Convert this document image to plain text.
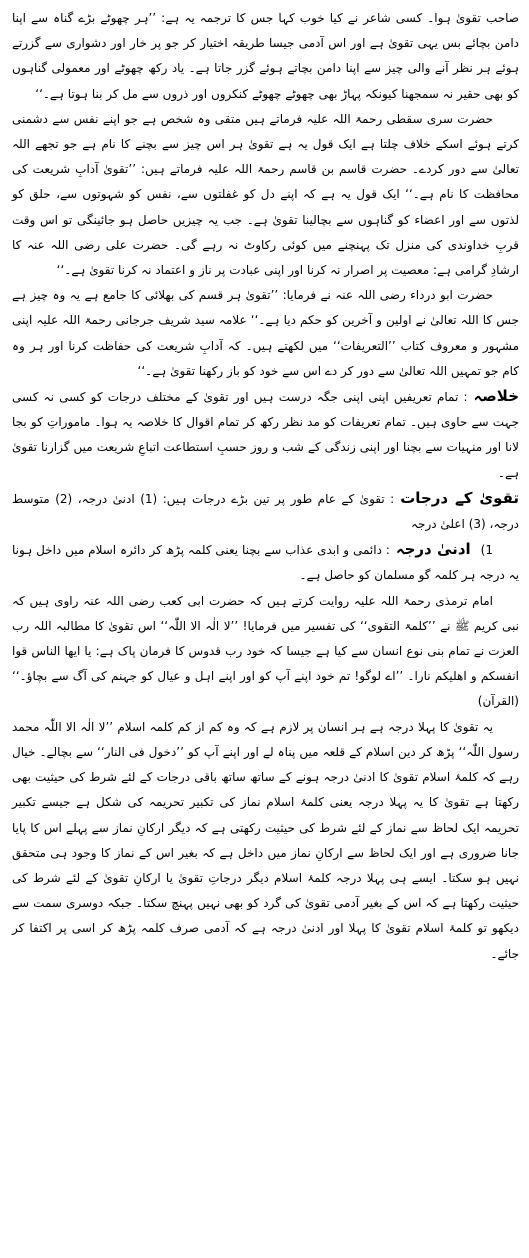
صاحب تقویٰ ہوا۔ کسی شاعر نے کیا خوب کہا جس کا ترجمہ یہ ہے: ’’ہر چھوٹے بڑے گناہ سے اپنا دامن بچائے بس یہی تقویٰ ہے اور اس آدمی جیسا طریقہ اختیار کر جو پر خار اور دشواری سے گزرتے ہوئے ہر نظر آنے والی چیز سے اپنا دامن بچاتے ہوئے گزر جاتا ہے۔ یاد رکھ چھوٹے اور معمولی گناہوں کو بھی حقیر نہ سمجھنا کیونکہ پہاڑ بھی چھوٹے چھوٹے کنکروں اور ذروں سے مل کر بنا ہوتا ہے۔‘‘

حضرت سری سقطی رحمۃ اللہ علیہ فرماتے ہیں متقی وہ شخص ہے جو اپنے نفس سے دشمنی کرتے ہوئے اسکے خلاف چلتا ہے ایک قول یہ ہے تقویٰ ہر اس چیز سے بچنے کا نام ہے جو تجھے اللہ تعالیٰ سے دور کردے۔ حضرت قاسم بن قاسم رحمۃ اللہ علیہ فرماتے ہیں: ’’تقویٰ آدابِ شریعت کی محافظت کا نام ہے۔‘‘ ایک قول یہ ہے کہ اپنے دل کو غفلتوں سے، نفس کو شہوتوں سے، حلق کو لذتوں سے اور اعضاء کو گناہوں سے بچالینا تقویٰ ہے۔ جب یہ چیزیں حاصل ہو جائینگی تو اس وقت قربِ خداوندی کی منزل تک پہنچنے میں کوئی رکاوٹ نہ رہے گی۔ حضرت علی رضی اللہ عنہ کا ارشادِ گرامی ہے: معصیت پر اصرار نہ کرنا اور اپنی عبادت پر ناز و اعتماد نہ کرنا تقویٰ ہے۔‘‘

حضرت ابو درداء رضی اللہ عنہ نے فرمایا: ’’تقویٰ ہر قسم کی بھلائی کا جامع ہے یہ وہ چیز ہے جس کا اللہ تعالیٰ نے اولین و آخرین کو حکم دیا ہے۔‘‘ علامہ سید شریف جرجانی رحمۃ اللہ علیہ اپنی مشہور و معروف کتاب ’’التعریفات‘‘ میں لکھتے ہیں۔ کہ آدابِ شریعت کی حفاظت کرنا اور ہر وہ کام جو تمہیں اللہ تعالیٰ سے دور کر دے اس سے خود کو باز رکھنا تقویٰ ہے۔‘‘

خلاصہ: تمام تعریفیں اپنی اپنی جگہ درست ہیں اور تقویٰ کے مختلف درجات کو کسی نہ کسی جہت سے حاوی ہیں۔ تمام تعریفات کو مد نظر رکھ کر تمام اقوال کا خلاصہ یہ ہوا۔ ماموراتِ کو بجا لانا اور منہیات سے بچنا اور اپنی زندگی کے شب و روز حسبِ استطاعت اتباعِ شریعت میں گزارنا تقویٰ ہے۔

تقویٰ کے درجات: تقویٰ کے عام طور پر تین بڑے درجات ہیں: (1) ادنیٰ درجہ، (2) متوسط درجہ، (3) اعلیٰ درجہ

1)ادنیٰ درجہ: دائمی و ابدی عذاب سے بچنا یعنی کلمہ پڑھ کر دائرہ اسلام میں داخل ہونا یہ درجہ ہر کلمہ گو مسلمان کو حاصل ہے۔

امام ترمذی رحمۃ اللہ علیہ روایت کرتے ہیں کہ حضرت ابی کعب رضی اللہ عنہ راوی ہیں کہ نبی کریم ﷺ نے ’’کلمۃ التقوی‘‘ کی تفسیر میں فرمایا! ’’لا الٰہ الا اللّٰہ‘‘ اس تقویٰ کا مطالبہ اللہ رب العزت نے تمام بنی نوع انسان سے کیا ہے جیسا کہ خود رب قدوس کا فرمان پاک ہے: یا ایھا الناس قوا انفسکم و اھلیکم نارا۔ ’’اے لوگو! تم خود اپنے آپ کو اور اپنے اہل و عیال کو جہنم کی آگ سے بچاؤ۔‘‘ (القرآن)

یہ تقویٰ کا پہلا درجہ ہے ہر انسان پر لازم ہے کہ وہ کم از کم کلمہ اسلام ’’لا الٰہ الا اللّٰہ محمد رسول اللّٰہ‘‘ پڑھ کر دین اسلام کے قلعہ میں پناہ لے اور اپنے آپ کو ’’دخول فی النار‘‘ سے بچالے۔ خیال رہے کہ کلمۂ اسلام تقویٰ کا ادنیٰ درجہ ہونے کے ساتھ ساتھ باقی درجات کے لئے شرط کی حیثیت بھی رکھتا ہے تقویٰ کا یہ پہلا درجہ یعنی کلمۂ اسلام نماز کی تکبیر تحریمہ کی شکل ہے جیسے تکبیر تحریمہ ایک لحاظ سے نماز کے لئے شرط کی حیثیت رکھتی ہے کہ دیگر ارکانِ نماز سے پہلے اس کا پایا جانا ضروری ہے اور ایک لحاظ سے ارکانِ نماز میں داخل ہے کہ بغیر اس کے نماز کا وجود ہی متحقق نہیں ہو سکتا۔ ایسے ہی پہلا درجہ کلمۂ اسلام دیگر درجاتِ تقویٰ یا ارکانِ تقویٰ کے لئے شرط کی حیثیت رکھتا ہے کہ اس کے بغیر آدمی تقویٰ کی گرد کو بھی نہیں پہنچ سکتا۔ جبکہ دوسری سمت سے دیکھو تو کلمۂ اسلام تقویٰ کا پہلا اور ادنیٰ درجہ ہے کہ آدمی صرف کلمہ پڑھ کر اسی پر اکتفا کر جائے۔
